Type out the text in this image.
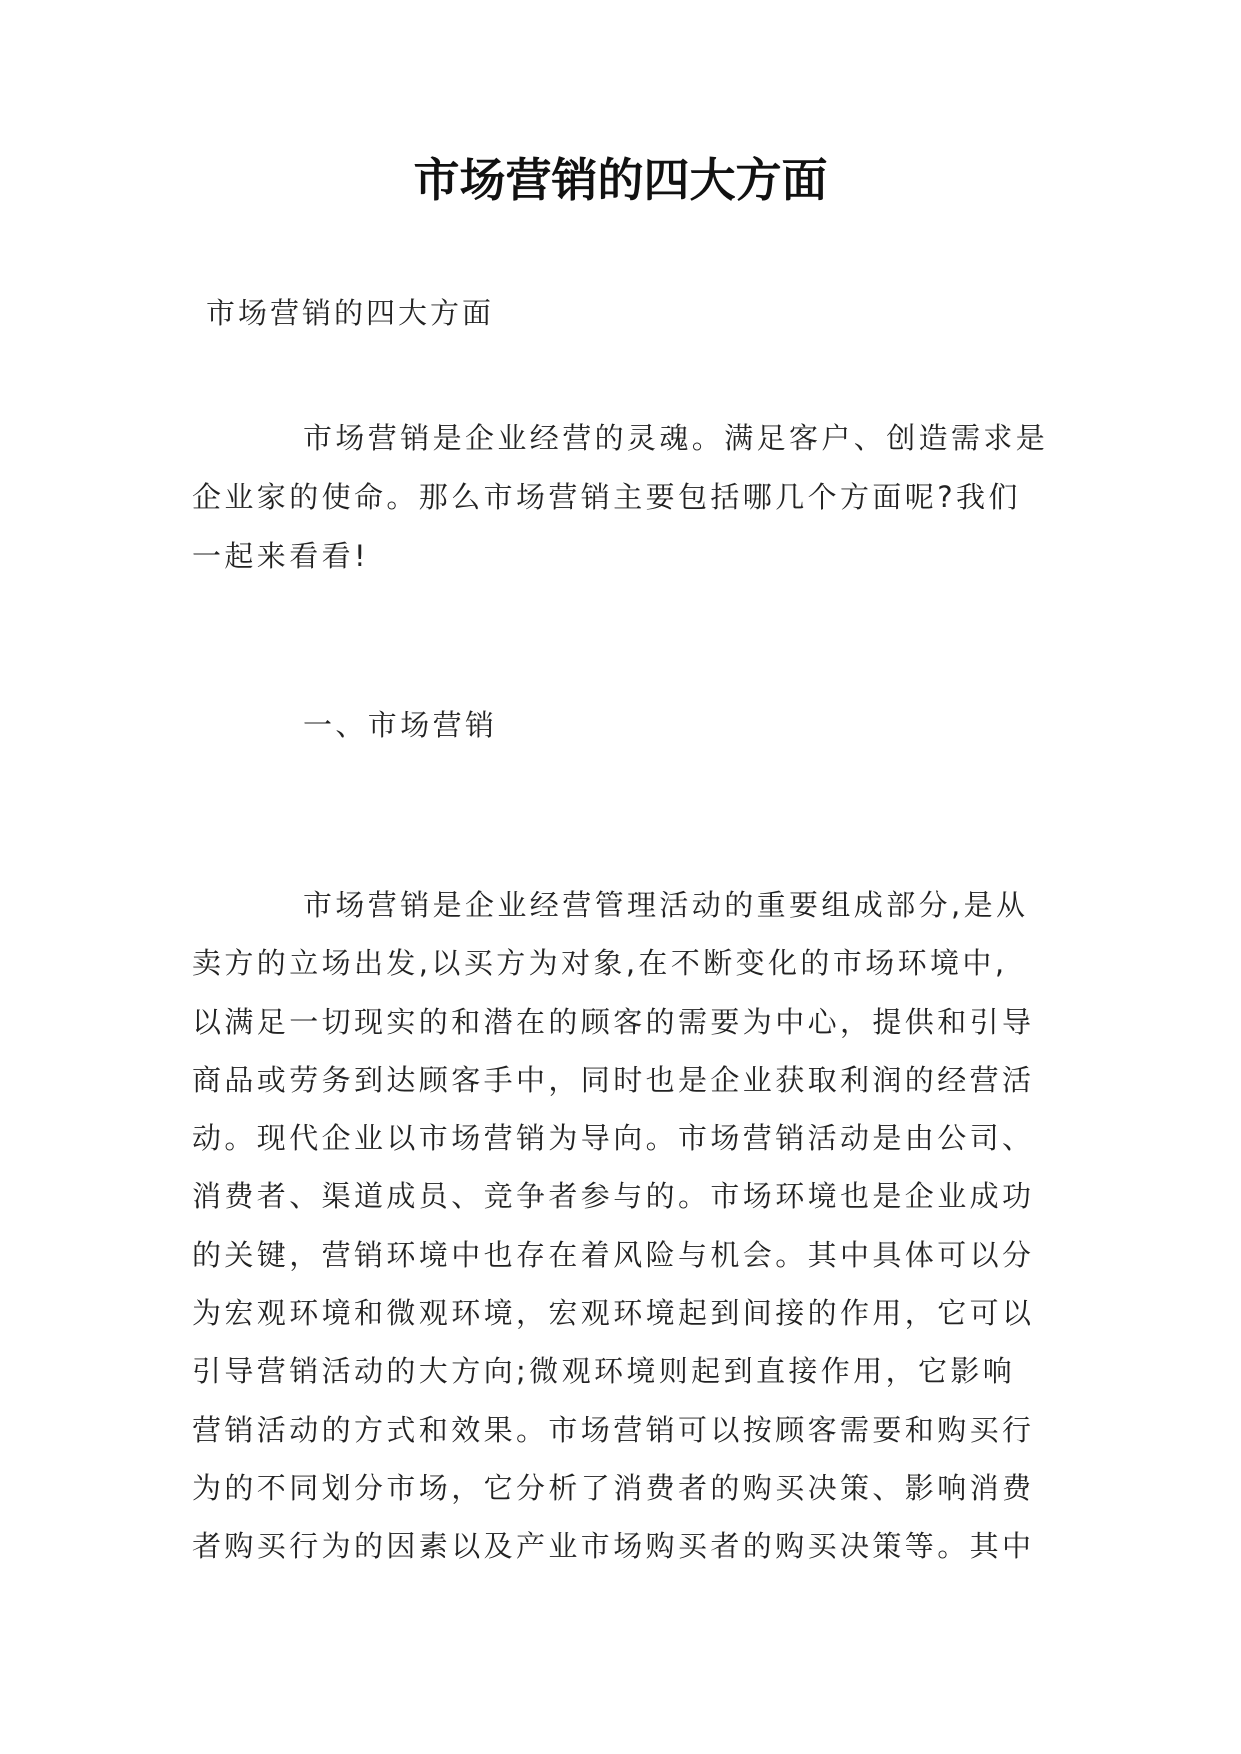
市场营销的四大方面

市场营销的四大方面

市场营销是企业经营的灵魂。满足客户、创造需求是
企业家的使命。那么市场营销主要包括哪几个方面呢?我们
一起来看看!
一、市场营销
市场营销是企业经营管理活动的重要组成部分,是从
卖方的立场出发,以买方为对象,在不断变化的市场环境中,
以满足一切现实的和潜在的顾客的需要为中心，提供和引导
商品或劳务到达顾客手中，同时也是企业获取利润的经营活
动。现代企业以市场营销为导向。市场营销活动是由公司、
消费者、渠道成员、竞争者参与的。市场环境也是企业成功
的关键，营销环境中也存在着风险与机会。其中具体可以分
为宏观环境和微观环境，宏观环境起到间接的作用，它可以
引导营销活动的大方向;微观环境则起到直接作用，它影响
营销活动的方式和效果。市场营销可以按顾客需要和购买行
为的不同划分市场，它分析了消费者的购买决策、影响消费
者购买行为的因素以及产业市场购买者的购买决策等。其中
